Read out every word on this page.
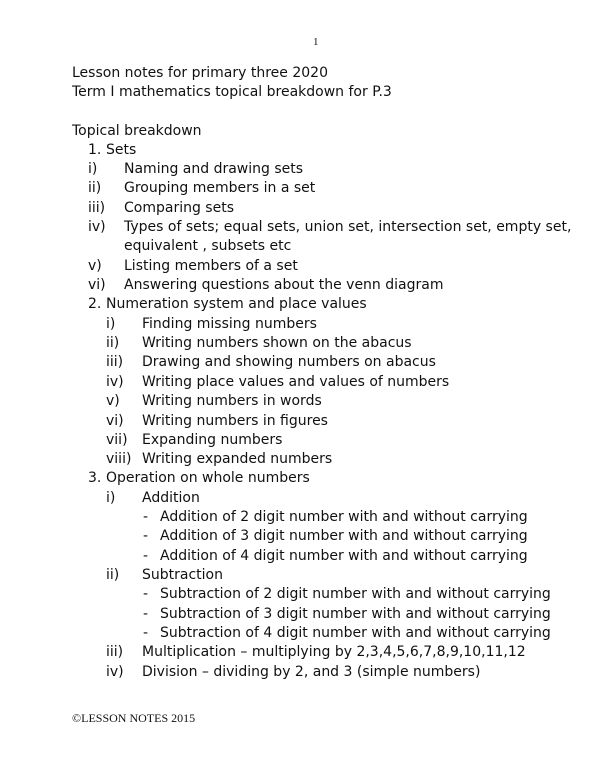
1
Lesson notes for primary three 2020
Term I mathematics topical breakdown for P.3
Topical breakdown
1. Sets
i) Naming and drawing sets
ii) Grouping members in a set
iii) Comparing sets
iv) Types of sets; equal sets, union set, intersection set, empty set,
equivalent , subsets etc
v) Listing members of a set
vi) Answering questions about the venn diagram
2. Numeration system and place values
i) Finding missing numbers
ii) Writing numbers shown on the abacus
iii) Drawing and showing numbers on abacus
iv) Writing place values and values of numbers
v) Writing numbers in words
vi) Writing numbers in figures
vii) Expanding numbers
viii) Writing expanded numbers
3. Operation on whole numbers
i) Addition
- Addition of 2 digit number with and without carrying
- Addition of 3 digit number with and without carrying
- Addition of 4 digit number with and without carrying
ii) Subtraction
- Subtraction of 2 digit number with and without carrying
- Subtraction of 3 digit number with and without carrying
- Subtraction of 4 digit number with and without carrying
iii) Multiplication – multiplying by 2,3,4,5,6,7,8,9,10,11,12
iv) Division – dividing by 2, and 3 (simple numbers)
©LESSON NOTES 2015
